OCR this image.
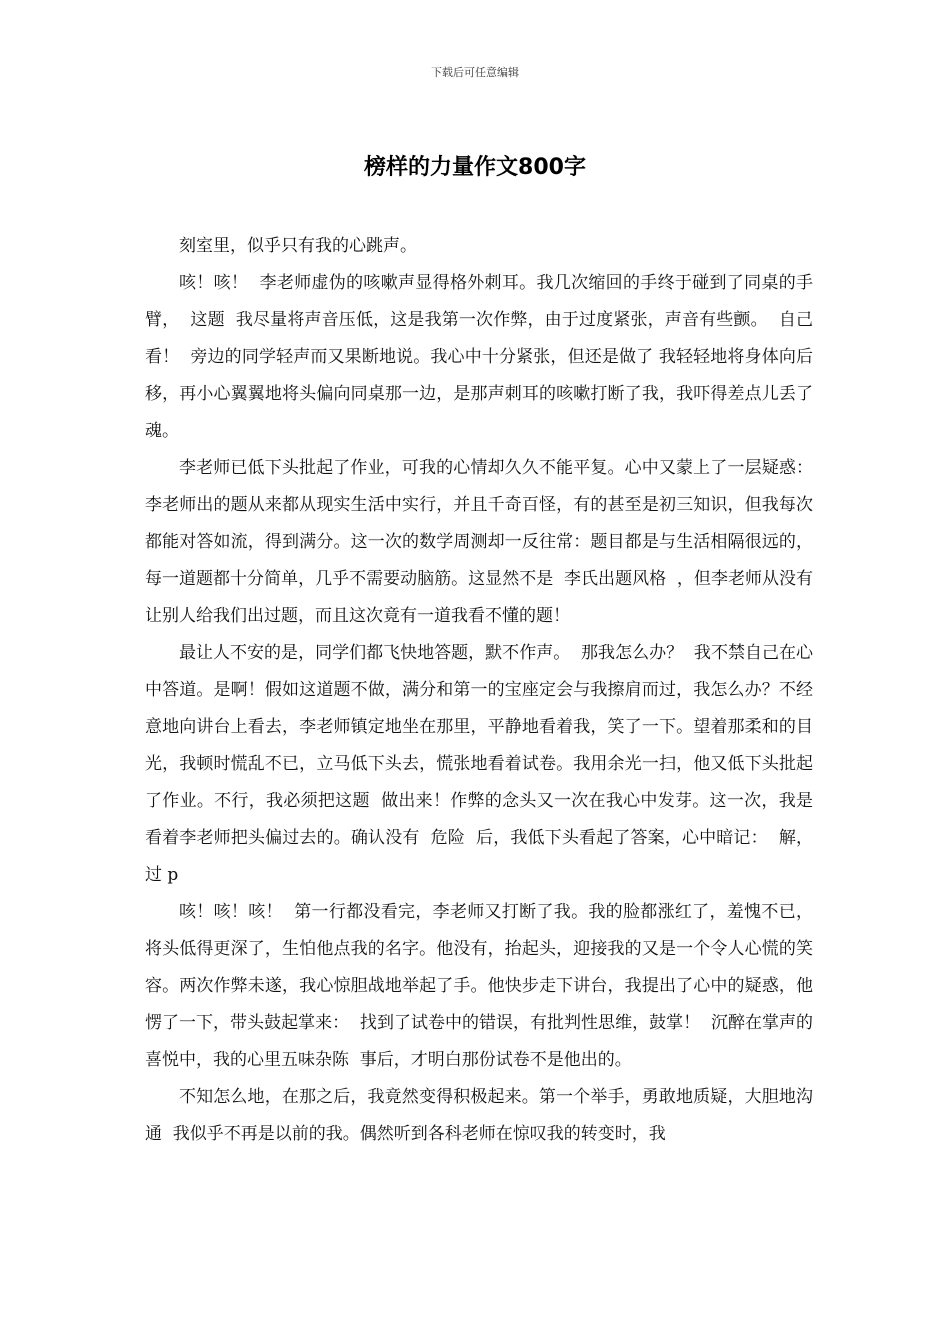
下载后可任意编辑
榜样的力量作文800字

刻室里，似乎只有我的心跳声。

咳！咳！  李老师虚伪的咳嗽声显得格外刺耳。我几次缩回的手终于碰到了同桌的手臂，  这题  我尽量将声音压低，这是我第一次作弊，由于过度紧张，声音有些颤。  自己看！  旁边的同学轻声而又果断地说。我心中十分紧张，但还是做了 我轻轻地将身体向后移，再小心翼翼地将头偏向同桌那一边，是那声刺耳的咳嗽打断了我，我吓得差点儿丢了魂。

李老师已低下头批起了作业，可我的心情却久久不能平复。心中又蒙上了一层疑惑：李老师出的题从来都从现实生活中实行，并且千奇百怪，有的甚至是初三知识，但我每次都能对答如流，得到满分。这一次的数学周测却一反往常：题目都是与生活相隔很远的，每一道题都十分简单，几乎不需要动脑筋。这显然不是  李氏出题风格  ，但李老师从没有让别人给我们出过题，而且这次竟有一道我看不懂的题！

最让人不安的是，同学们都飞快地答题，默不作声。  那我怎么办？  我不禁自己在心中答道。是啊！假如这道题不做，满分和第一的宝座定会与我擦肩而过，我怎么办？不经意地向讲台上看去，李老师镇定地坐在那里，平静地看着我，笑了一下。望着那柔和的目光，我顿时慌乱不已，立马低下头去，慌张地看着试卷。我用余光一扫，他又低下头批起了作业。不行，我必须把这题  做出来！作弊的念头又一次在我心中发芽。这一次，我是看着李老师把头偏过去的。确认没有  危险  后，我低下头看起了答案，心中暗记：  解，过 p

咳！咳！咳！  第一行都没看完，李老师又打断了我。我的脸都涨红了，羞愧不已，将头低得更深了，生怕他点我的名字。他没有，抬起头，迎接我的又是一个令人心慌的笑容。两次作弊未遂，我心惊胆战地举起了手。他快步走下讲台，我提出了心中的疑惑，他愣了一下，带头鼓起掌来：  找到了试卷中的错误，有批判性思维，鼓掌！  沉醉在掌声的喜悦中，我的心里五味杂陈  事后，才明白那份试卷不是他出的。

不知怎么地，在那之后，我竟然变得积极起来。第一个举手，勇敢地质疑，大胆地沟通  我似乎不再是以前的我。偶然听到各科老师在惊叹我的转变时，我
